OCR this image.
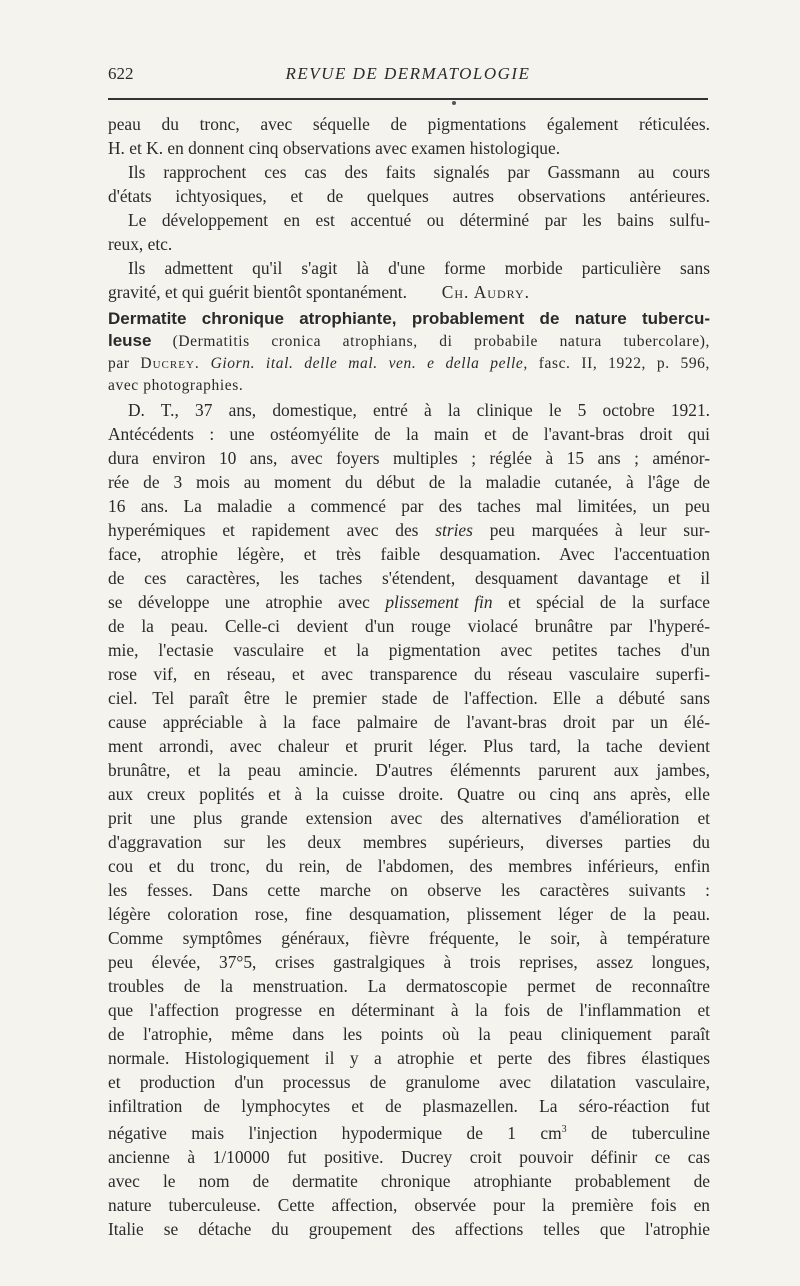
622	REVUE DE DERMATOLOGIE

peau du tronc, avec séquelle de pigmentations également réticulées.

H. et K. en donnent cinq observations avec examen histologique.

Ils rapprochent ces cas des faits signalés par Gassmann au cours

d'états ichtyosiques, et de quelques autres observations antérieures.

Le développement en est accentué ou déterminé par les bains sulfu-

reux, etc.

Ils admettent qu'il s'agit là d'une forme morbide particulière sans

gravité, et qui guérit bientôt spontanément. Ch. Audry.

Dermatite chronique atrophiante, probablement de nature tubercu-

leuse (Dermatitis cronica atrophians, di probabile natura tubercolare),

par Ducrey. Giorn. ital. delle mal. ven. e della pelle, fasc. II, 1922, p. 596,

avec photographies.

D. T., 37 ans, domestique, entré à la clinique le 5 octobre 1921.

Antécédents : une ostéomyélite de la main et de l'avant-bras droit qui

dura environ 10 ans, avec foyers multiples ; réglée à 15 ans ; aménor-

rée de 3 mois au moment du début de la maladie cutanée, à l'âge de

16 ans. La maladie a commencé par des taches mal limitées, un peu

hyperémiques et rapidement avec des stries peu marquées à leur sur-

face, atrophie légère, et très faible desquamation. Avec l'accentuation

de ces caractères, les taches s'étendent, desquament davantage et il

se développe une atrophie avec plissement fin et spécial de la surface

de la peau. Celle-ci devient d'un rouge violacé brunâtre par l'hyperé-

mie, l'ectasie vasculaire et la pigmentation avec petites taches d'un

rose vif, en réseau, et avec transparence du réseau vasculaire superfi-

ciel. Tel paraît être le premier stade de l'affection. Elle a débuté sans

cause appréciable à la face palmaire de l'avant-bras droit par un élé-

ment arrondi, avec chaleur et prurit léger. Plus tard, la tache devient

brunâtre, et la peau amincie. D'autres élémennts parurent aux jambes,

aux creux poplités et à la cuisse droite. Quatre ou cinq ans après, elle

prit une plus grande extension avec des alternatives d'amélioration et

d'aggravation sur les deux membres supérieurs, diverses parties du

cou et du tronc, du rein, de l'abdomen, des membres inférieurs, enfin

les fesses. Dans cette marche on observe les caractères suivants :

légère coloration rose, fine desquamation, plissement léger de la peau.

Comme symptômes généraux, fièvre fréquente, le soir, à température

peu élevée, 37°5, crises gastralgiques à trois reprises, assez longues,

troubles de la menstruation. La dermatoscopie permet de reconnaître

que l'affection progresse en déterminant à la fois de l'inflammation et

de l'atrophie, même dans les points où la peau cliniquement paraît

normale. Histologiquement il y a atrophie et perte des fibres élastiques

et production d'un processus de granulome avec dilatation vasculaire,

infiltration de lymphocytes et de plasmazellen. La séro-réaction fut

négative mais l'injection hypodermique de 1 $cm^3$ de tuberculine

ancienne à 1/10000 fut positive. Ducrey croit pouvoir définir ce cas

avec le nom de dermatite chronique atrophiante probablement de

nature tuberculeuse. Cette affection, observée pour la première fois en

Italie se détache du groupement des affections telles que l'atrophie
